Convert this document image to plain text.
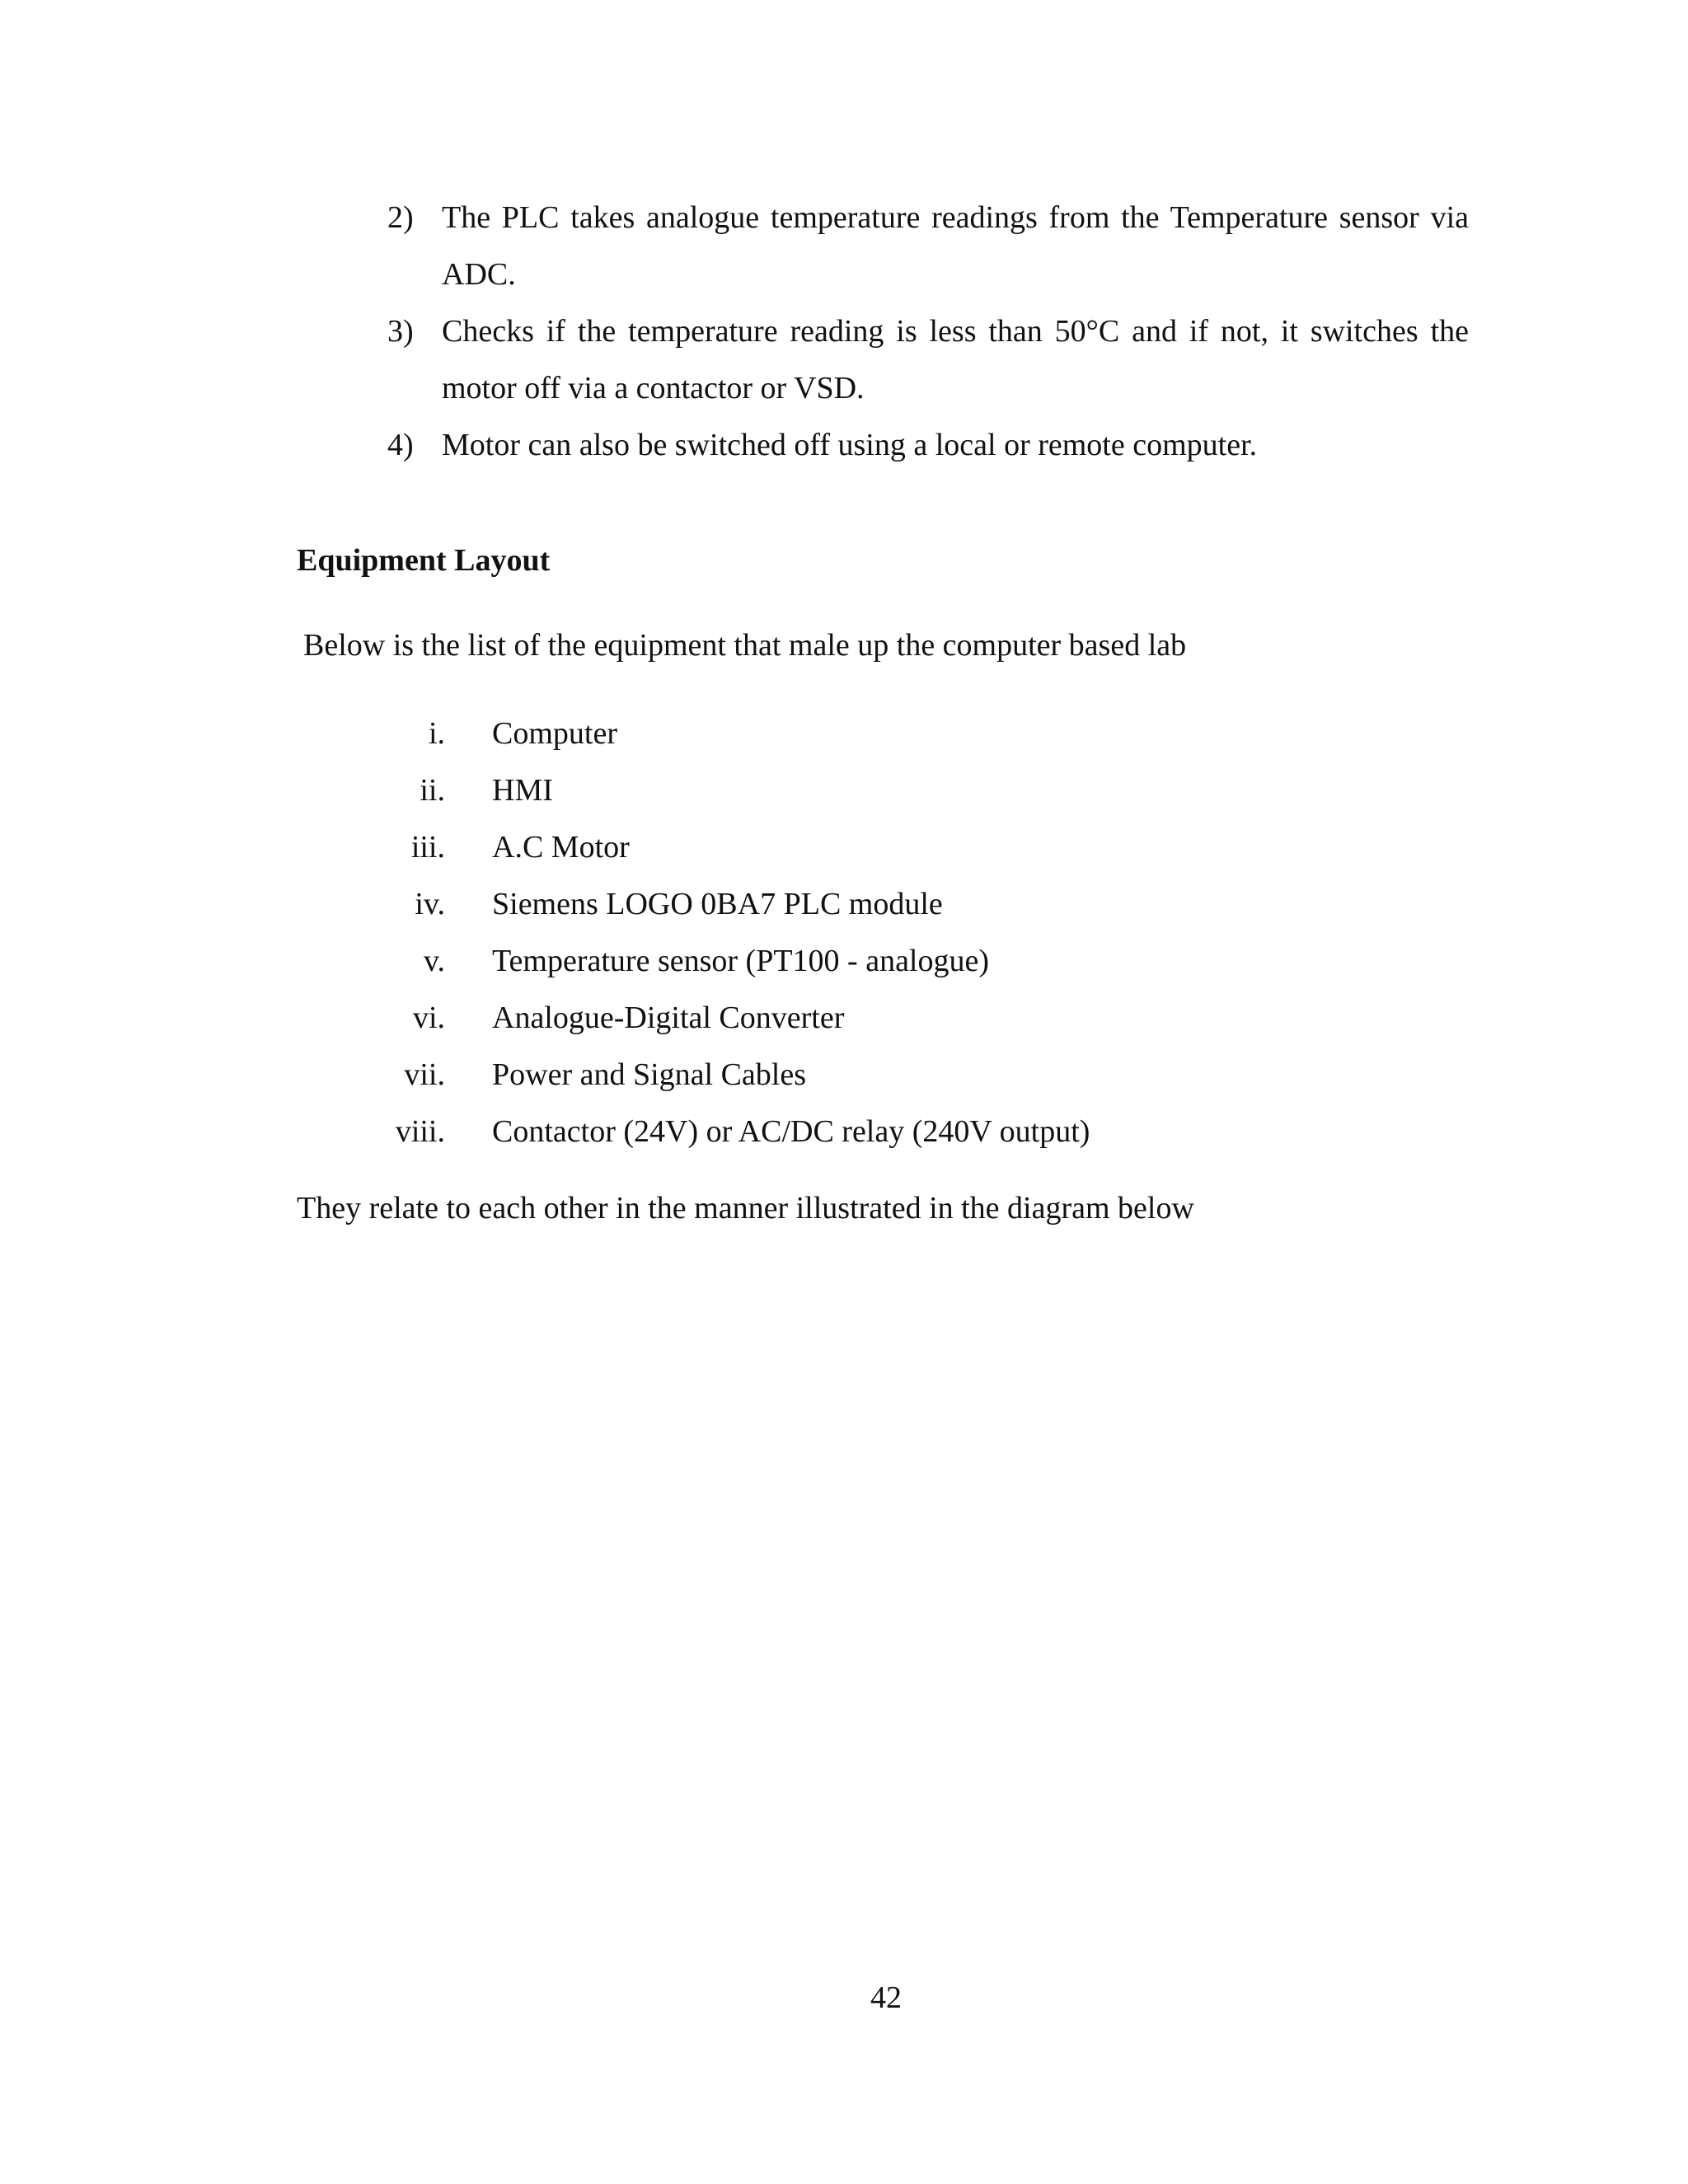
2) The PLC takes analogue temperature readings from the Temperature sensor via ADC.
3) Checks if the temperature reading is less than 50°C and if not, it switches the motor off via a contactor or VSD.
4) Motor can also be switched off using a local or remote computer.
Equipment Layout
Below is the list of the equipment that male up the computer based lab
i. Computer
ii. HMI
iii. A.C Motor
iv. Siemens LOGO 0BA7 PLC module
v. Temperature sensor (PT100 - analogue)
vi. Analogue-Digital Converter
vii. Power and Signal Cables
viii. Contactor (24V) or AC/DC relay (240V output)
They relate to each other in the manner illustrated in the diagram below
42
